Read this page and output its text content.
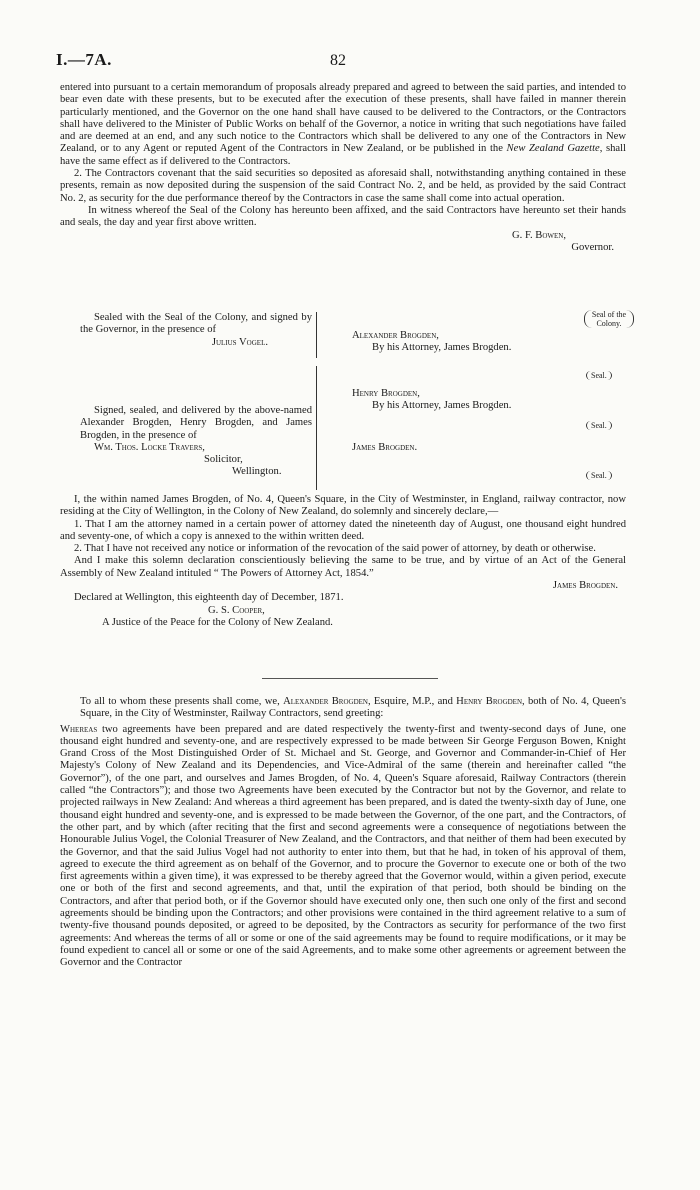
I.—7A.	82

entered into pursuant to a certain memorandum of proposals already prepared and agreed to between the said parties, and intended to bear even date with these presents, but to be executed after the execution of these presents, shall have failed in manner therein particularly mentioned, and the Governor on the one hand shall have caused to be delivered to the Contractors, or the Contractors shall have delivered to the Minister of Public Works on behalf of the Governor, a notice in writing that such negotiations have failed and are deemed at an end, and any such notice to the Contractors which shall be delivered to any one of the Contractors in New Zealand, or to any Agent or reputed Agent of the Contractors in New Zealand, or be published in the New Zealand Gazette, shall have the same effect as if delivered to the Contractors.

2. The Contractors covenant that the said securities so deposited as aforesaid shall, notwithstanding anything contained in these presents, remain as now deposited during the suspension of the said Contract No. 2, and be held, as provided by the said Contract No. 2, as security for the due performance thereof by the Contractors in case the same shall come into actual operation.

In witness whereof the Seal of the Colony has hereunto been affixed, and the said Contractors have hereunto set their hands and seals, the day and year first above written.

G. F. Bowen,

Governor.

Seal of the Colony.

Sealed with the Seal of the Colony, and signed by the Governor, in the presence of

Julius Vogel.

Signed, sealed, and delivered by the above-named Alexander Brogden, Henry Brogden, and James Brogden, in the presence of

Wm. Thos. Locke Travers,

Solicitor,

Wellington.

Alexander Brogden,

By his Attorney, James Brogden.

Seal.

Henry Brogden,

By his Attorney, James Brogden.

Seal.

James Brogden.

Seal.

I, the within named James Brogden, of No. 4, Queen's Square, in the City of Westminster, in England, railway contractor, now residing at the City of Wellington, in the Colony of New Zealand, do solemnly and sincerely declare,—

1. That I am the attorney named in a certain power of attorney dated the nineteenth day of August, one thousand eight hundred and seventy-one, of which a copy is annexed to the within written deed.

2. That I have not received any notice or information of the revocation of the said power of attorney, by death or otherwise.

And I make this solemn declaration conscientiously believing the same to be true, and by virtue of an Act of the General Assembly of New Zealand intituled “ The Powers of Attorney Act, 1854.”

James Brogden.

Declared at Wellington, this eighteenth day of December, 1871.

G. S. Cooper,

A Justice of the Peace for the Colony of New Zealand.

To all to whom these presents shall come, we, Alexander Brogden, Esquire, M.P., and Henry Brogden, both of No. 4, Queen's Square, in the City of Westminster, Railway Contractors, send greeting:

Whereas two agreements have been prepared and are dated respectively the twenty-first and twenty-second days of June, one thousand eight hundred and seventy-one, and are respectively expressed to be made between Sir George Ferguson Bowen, Knight Grand Cross of the Most Distinguished Order of St. Michael and St. George, and Governor and Commander-in-Chief of Her Majesty's Colony of New Zealand and its Dependencies, and Vice-Admiral of the same (therein and hereinafter called “the Governor”), of the one part, and ourselves and James Brogden, of No. 4, Queen's Square aforesaid, Railway Contractors (therein called “the Contractors”); and those two Agreements have been executed by the Contractor but not by the Governor, and relate to projected railways in New Zealand: And whereas a third agreement has been prepared, and is dated the twenty-sixth day of June, one thousand eight hundred and seventy-one, and is expressed to be made between the Governor, of the one part, and the Contractors, of the other part, and by which (after reciting that the first and second agreements were a consequence of negotiations between the Honourable Julius Vogel, the Colonial Treasurer of New Zealand, and the Contractors, and that neither of them had been executed by the Governor, and that the said Julius Vogel had not authority to enter into them, but that he had, in token of his approval of them, agreed to execute the third agreement as on behalf of the Governor, and to procure the Governor to execute one or both of the two first agreements within a given time), it was expressed to be thereby agreed that the Governor would, within a given period, execute one or both of the first and second agreements, and that, until the expiration of that period, both should be binding on the Contractors, and after that period both, or if the Governor should have executed only one, then such one only of the first and second agreements should be binding upon the Contractors; and other provisions were contained in the third agreement relative to a sum of twenty-five thousand pounds deposited, or agreed to be deposited, by the Contractors as security for performance of the two first agreements: And whereas the terms of all or some or one of the said agreements may be found to require modifications, or it may be found expedient to cancel all or some or one of the said Agreements, and to make some other agreements or agreement between the Governor and the Contractor
